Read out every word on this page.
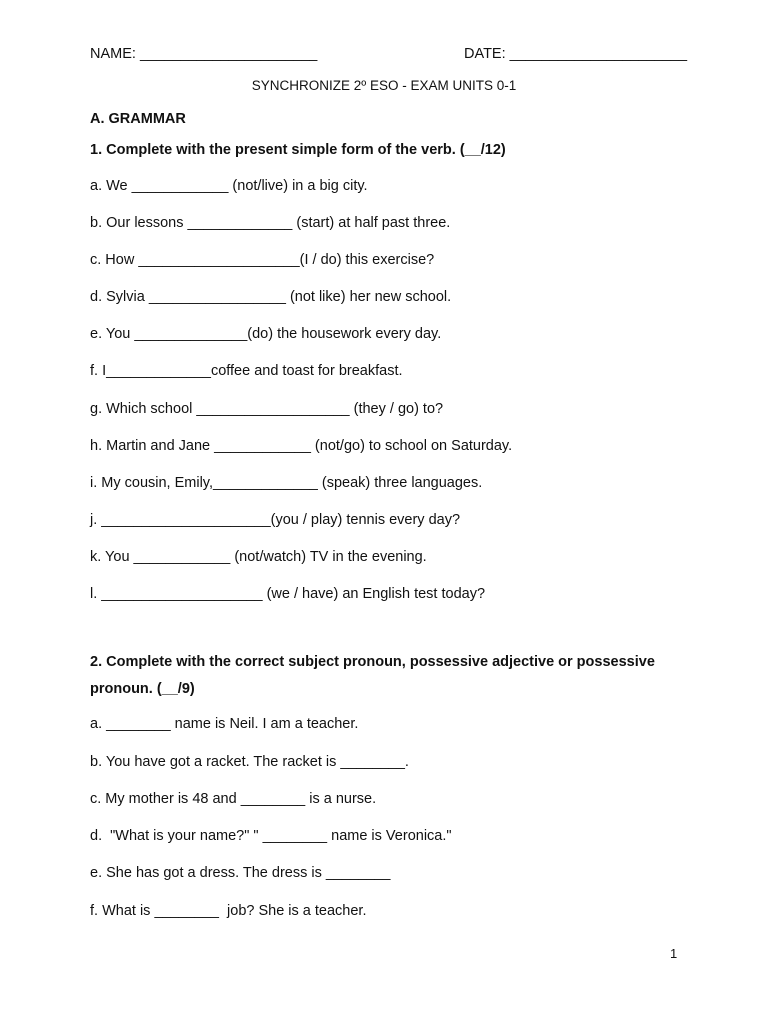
NAME: ______________________	DATE: ______________________
SYNCHRONIZE 2º ESO - EXAM UNITS 0-1
A. GRAMMAR
1. Complete with the present simple form of the verb. (__/12)
a. We ____________ (not/live) in a big city.
b. Our lessons _____________ (start) at half past three.
c. How ____________________(I / do) this exercise?
d. Sylvia _________________ (not like) her new school.
e. You ______________(do) the housework every day.
f. I_____________coffee and toast for breakfast.
g. Which school ___________________ (they / go) to?
h. Martin and Jane ____________ (not/go) to school on Saturday.
i. My cousin, Emily,_____________ (speak) three languages.
j. _____________________(you / play) tennis every day?
k. You ____________ (not/watch) TV in the evening.
l. ____________________ (we / have) an English test today?
2. Complete with the correct subject pronoun, possessive adjective or possessive
pronoun. (__/9)
a. ________ name is Neil. I am a teacher.
b. You have got a racket. The racket is ________.
c. My mother is 48 and ________ is a nurse.
d.  "What is your name?" " ________ name is Veronica."
e. She has got a dress. The dress is ________
f. What is ________  job? She is a teacher.
1
